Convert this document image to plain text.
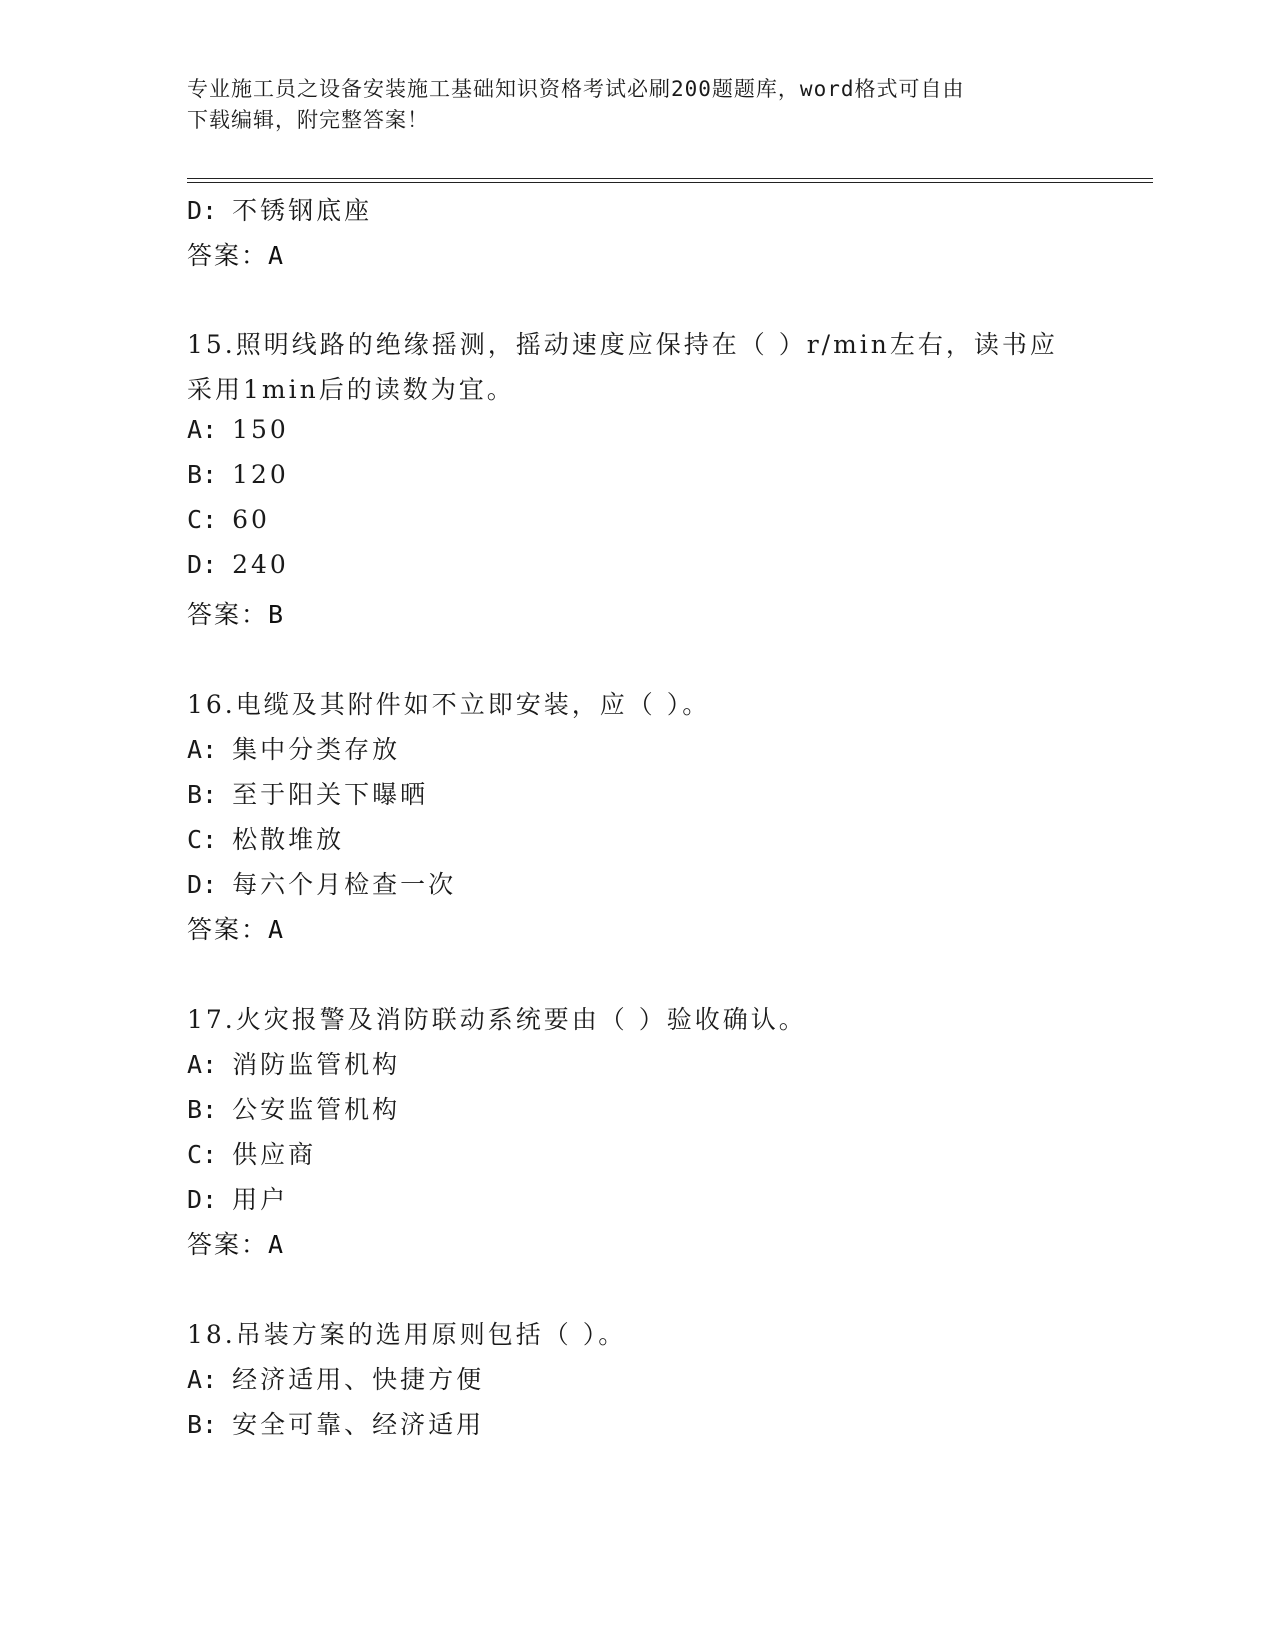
专业施工员之设备安装施工基础知识资格考试必刷200题题库，word格式可自由
下载编辑，附完整答案！
D: 不锈钢底座
答案：A
15.照明线路的绝缘摇测，摇动速度应保持在（ ）r/min左右，读书应
采用1min后的读数为宜。
A: 150
B: 120
C: 60
D: 240
答案：B
16.电缆及其附件如不立即安装，应（ ）。
A: 集中分类存放
B: 至于阳关下曝晒
C: 松散堆放
D: 每六个月检查一次
答案：A
17.火灾报警及消防联动系统要由（ ）验收确认。
A: 消防监管机构
B: 公安监管机构
C: 供应商
D: 用户
答案：A
18.吊装方案的选用原则包括（ ）。
A: 经济适用、快捷方便
B: 安全可靠、经济适用
